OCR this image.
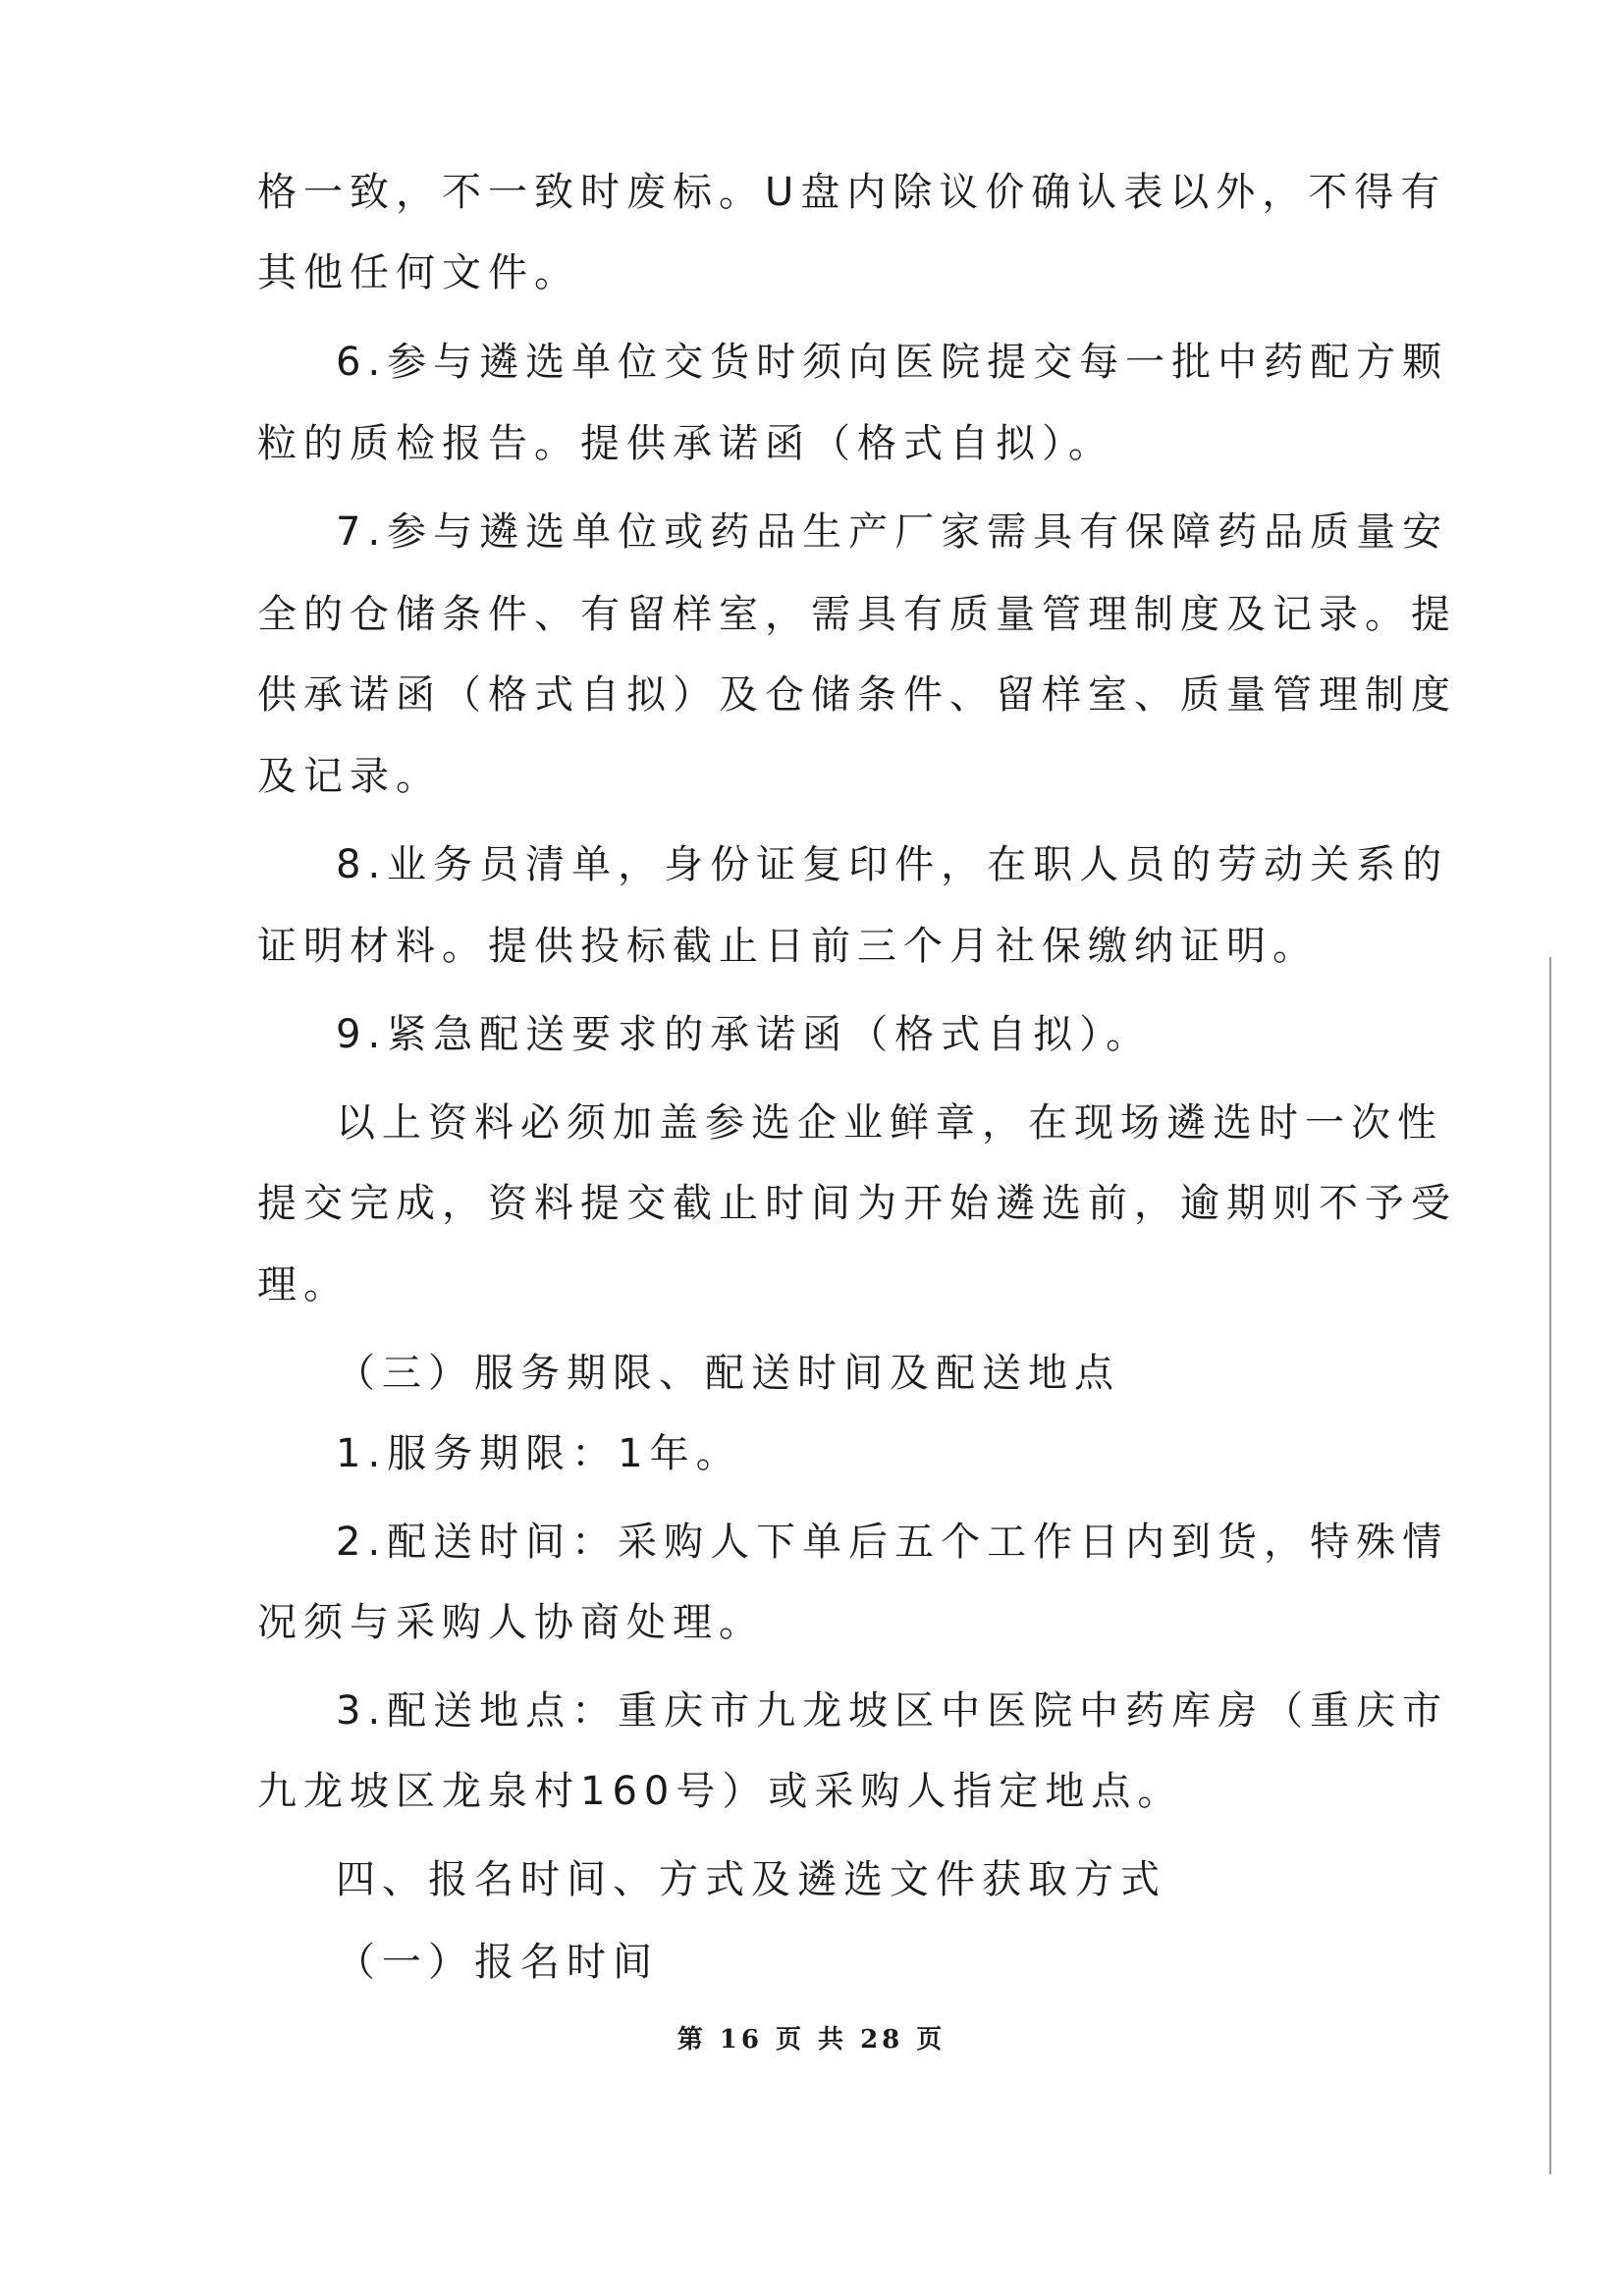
格一致，不一致时废标。U盘内除议价确认表以外，不得有
其他任何文件。
6.参与遴选单位交货时须向医院提交每一批中药配方颗
粒的质检报告。提供承诺函（格式自拟）。
7.参与遴选单位或药品生产厂家需具有保障药品质量安
全的仓储条件、有留样室，需具有质量管理制度及记录。提
供承诺函（格式自拟）及仓储条件、留样室、质量管理制度
及记录。
8.业务员清单，身份证复印件，在职人员的劳动关系的
证明材料。提供投标截止日前三个月社保缴纳证明。
9.紧急配送要求的承诺函（格式自拟）。
以上资料必须加盖参选企业鲜章，在现场遴选时一次性
提交完成，资料提交截止时间为开始遴选前，逾期则不予受
理。
（三）服务期限、配送时间及配送地点
1.服务期限：1年。
2.配送时间：采购人下单后五个工作日内到货，特殊情
况须与采购人协商处理。
3.配送地点：重庆市九龙坡区中医院中药库房（重庆市
九龙坡区龙泉村160号）或采购人指定地点。
四、报名时间、方式及遴选文件获取方式
（一）报名时间
第 16 页 共 28 页
